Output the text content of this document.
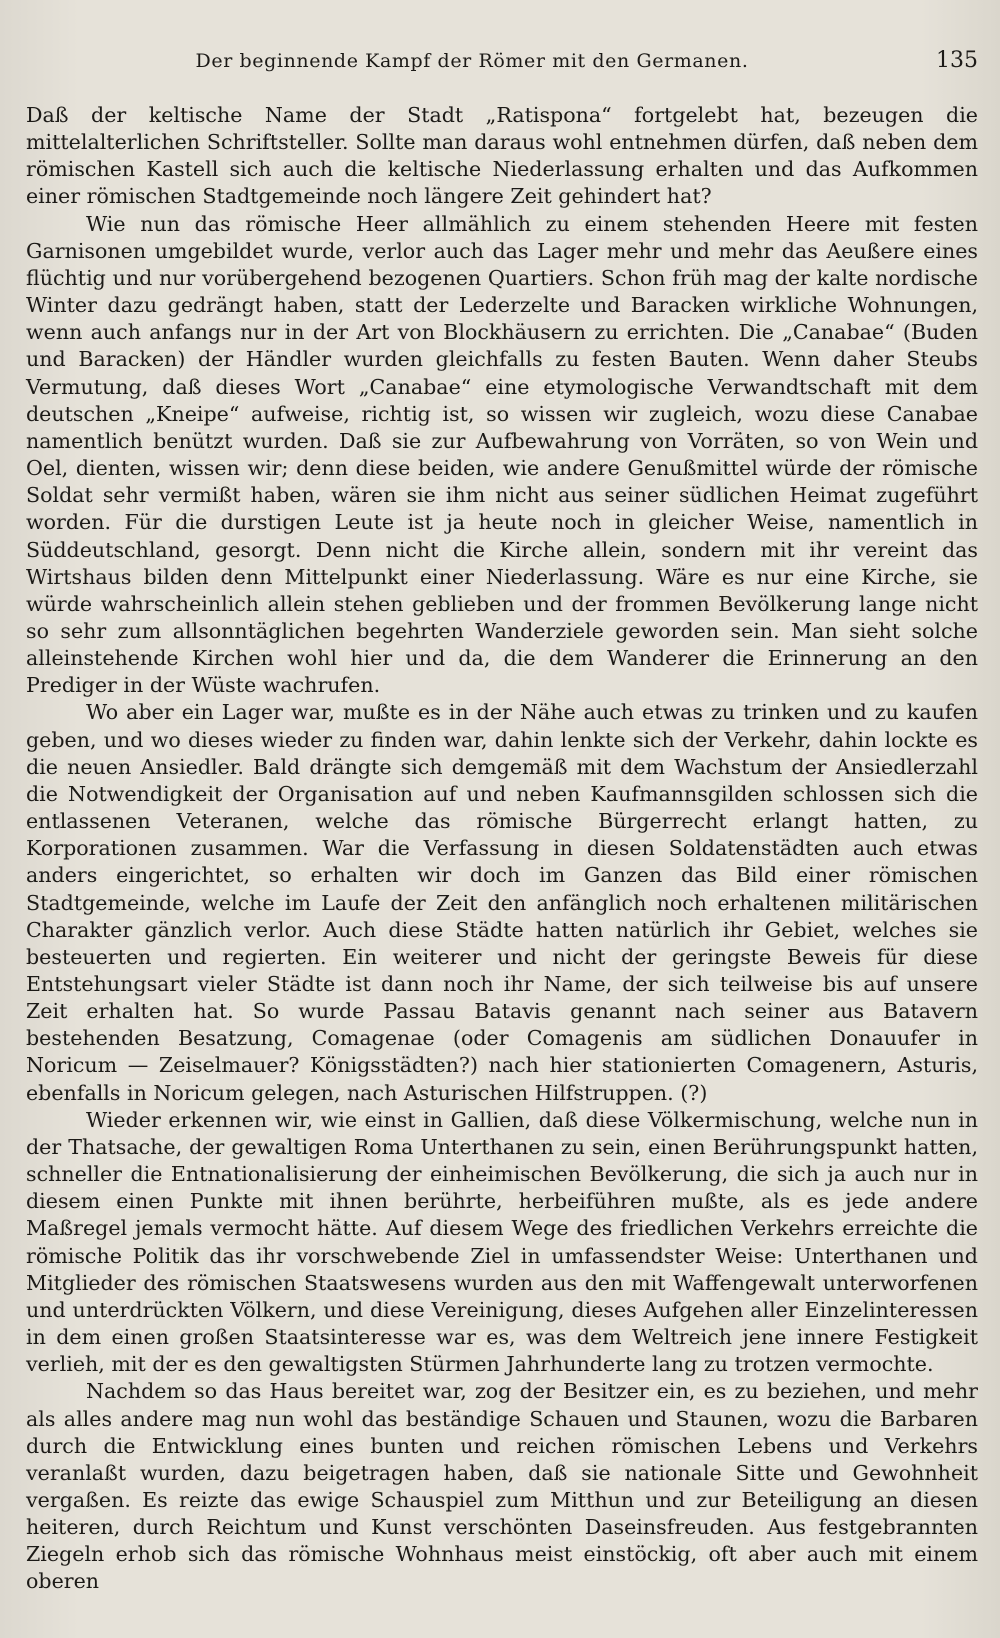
Der beginnende Kampf der Römer mit den Germanen.	135

Daß der keltische Name der Stadt „Ratispona“ fortgelebt hat, bezeugen die mittelalterlichen Schriftsteller. Sollte man daraus wohl entnehmen dürfen, daß neben dem römischen Kastell sich auch die keltische Niederlassung erhalten und das Aufkommen einer römischen Stadtgemeinde noch längere Zeit gehindert hat?

Wie nun das römische Heer allmählich zu einem stehenden Heere mit festen Garnisonen umgebildet wurde, verlor auch das Lager mehr und mehr das Aeußere eines flüchtig und nur vorübergehend bezogenen Quartiers. Schon früh mag der kalte nordische Winter dazu gedrängt haben, statt der Lederzelte und Baracken wirkliche Wohnungen, wenn auch anfangs nur in der Art von Blockhäusern zu errichten. Die „Canabae“ (Buden und Baracken) der Händler wurden gleichfalls zu festen Bauten. Wenn daher Steubs Vermutung, daß dieses Wort „Canabae“ eine etymologische Verwandtschaft mit dem deutschen „Kneipe“ aufweise, richtig ist, so wissen wir zugleich, wozu diese Canabae namentlich benützt wurden. Daß sie zur Aufbewahrung von Vorräten, so von Wein und Oel, dienten, wissen wir; denn diese beiden, wie andere Genußmittel würde der römische Soldat sehr vermißt haben, wären sie ihm nicht aus seiner südlichen Heimat zugeführt worden. Für die durstigen Leute ist ja heute noch in gleicher Weise, namentlich in Süddeutschland, gesorgt. Denn nicht die Kirche allein, sondern mit ihr vereint das Wirtshaus bilden denn Mittelpunkt einer Niederlassung. Wäre es nur eine Kirche, sie würde wahrscheinlich allein stehen geblieben und der frommen Bevölkerung lange nicht so sehr zum allsonntäglichen begehrten Wanderziele geworden sein. Man sieht solche alleinstehende Kirchen wohl hier und da, die dem Wanderer die Erinnerung an den Prediger in der Wüste wachrufen.

Wo aber ein Lager war, mußte es in der Nähe auch etwas zu trinken und zu kaufen geben, und wo dieses wieder zu finden war, dahin lenkte sich der Verkehr, dahin lockte es die neuen Ansiedler. Bald drängte sich demgemäß mit dem Wachstum der Ansiedlerzahl die Notwendigkeit der Organisation auf und neben Kaufmannsgilden schlossen sich die entlassenen Veteranen, welche das römische Bürgerrecht erlangt hatten, zu Korporationen zusammen. War die Verfassung in diesen Soldatenstädten auch etwas anders eingerichtet, so erhalten wir doch im Ganzen das Bild einer römischen Stadtgemeinde, welche im Laufe der Zeit den anfänglich noch erhaltenen militärischen Charakter gänzlich verlor. Auch diese Städte hatten natürlich ihr Gebiet, welches sie besteuerten und regierten. Ein weiterer und nicht der geringste Beweis für diese Entstehungsart vieler Städte ist dann noch ihr Name, der sich teilweise bis auf unsere Zeit erhalten hat. So wurde Passau Batavis genannt nach seiner aus Batavern bestehenden Besatzung, Comagenae (oder Comagenis am südlichen Donauufer in Noricum — Zeiselmauer? Königsstädten?) nach hier stationierten Comagenern, Asturis, ebenfalls in Noricum gelegen, nach Asturischen Hilfstruppen. (?)

Wieder erkennen wir, wie einst in Gallien, daß diese Völkermischung, welche nun in der Thatsache, der gewaltigen Roma Unterthanen zu sein, einen Berührungspunkt hatten, schneller die Entnationalisierung der einheimischen Bevölkerung, die sich ja auch nur in diesem einen Punkte mit ihnen berührte, herbeiführen mußte, als es jede andere Maßregel jemals vermocht hätte. Auf diesem Wege des friedlichen Verkehrs erreichte die römische Politik das ihr vorschwebende Ziel in umfassendster Weise: Unterthanen und Mitglieder des römischen Staatswesens wurden aus den mit Waffengewalt unterworfenen und unterdrückten Völkern, und diese Vereinigung, dieses Aufgehen aller Einzelinteressen in dem einen großen Staatsinteresse war es, was dem Weltreich jene innere Festigkeit verlieh, mit der es den gewaltigsten Stürmen Jahrhunderte lang zu trotzen vermochte.

Nachdem so das Haus bereitet war, zog der Besitzer ein, es zu beziehen, und mehr als alles andere mag nun wohl das beständige Schauen und Staunen, wozu die Barbaren durch die Entwicklung eines bunten und reichen römischen Lebens und Verkehrs veranlaßt wurden, dazu beigetragen haben, daß sie nationale Sitte und Gewohnheit vergaßen. Es reizte das ewige Schauspiel zum Mitthun und zur Beteiligung an diesen heiteren, durch Reichtum und Kunst verschönten Daseinsfreuden. Aus festgebrannten Ziegeln erhob sich das römische Wohnhaus meist einstöckig, oft aber auch mit einem oberen
